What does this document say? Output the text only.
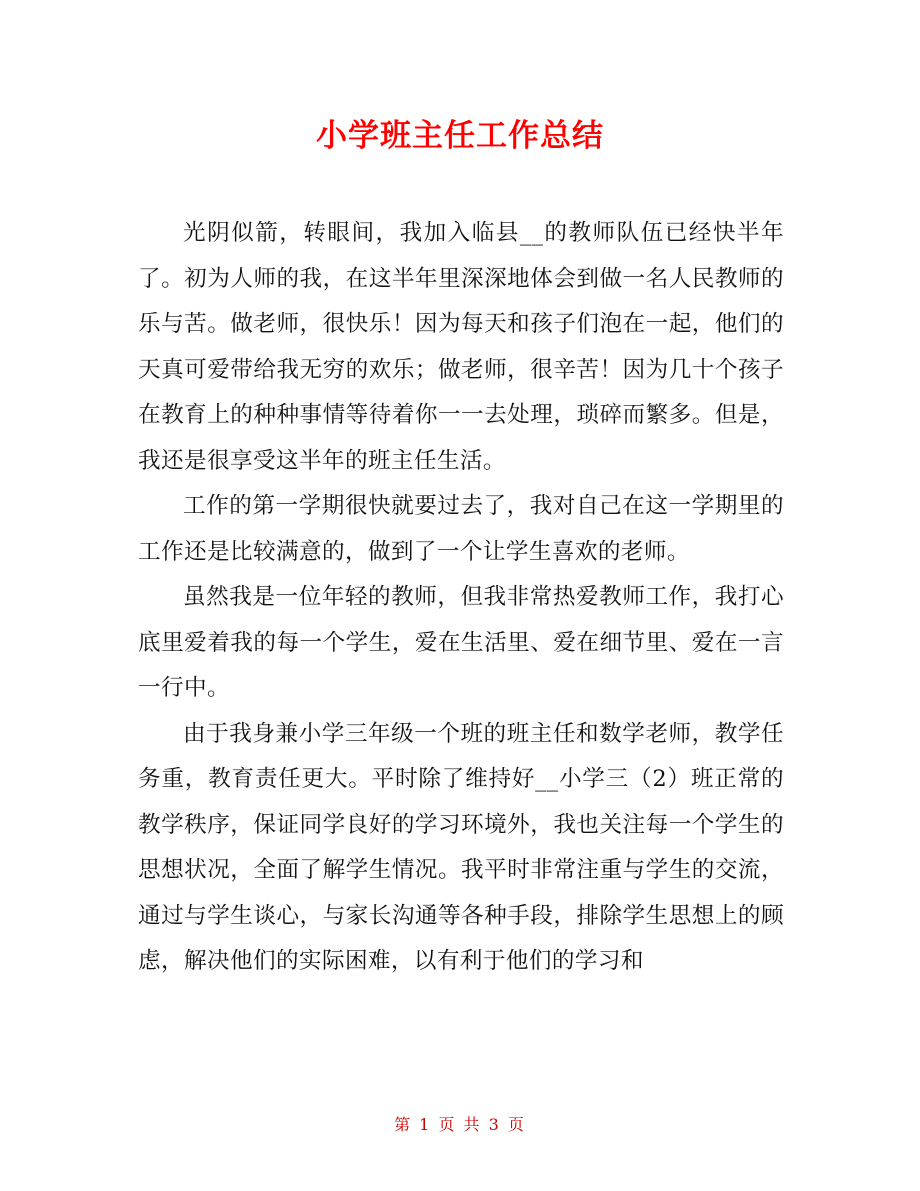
小学班主任工作总结

光阴似箭，转眼间，我加入临县__的教师队伍已经快半年了。初为人师的我，在这半年里深深地体会到做一名人民教师的乐与苦。做老师，很快乐！因为每天和孩子们泡在一起，他们的天真可爱带给我无穷的欢乐；做老师，很辛苦！因为几十个孩子在教育上的种种事情等待着你一一去处理，琐碎而繁多。但是，我还是很享受这半年的班主任生活。

工作的第一学期很快就要过去了，我对自己在这一学期里的工作还是比较满意的，做到了一个让学生喜欢的老师。

虽然我是一位年轻的教师，但我非常热爱教师工作，我打心底里爱着我的每一个学生，爱在生活里、爱在细节里、爱在一言一行中。

由于我身兼小学三年级一个班的班主任和数学老师，教学任务重，教育责任更大。平时除了维持好__小学三（2）班正常的教学秩序，保证同学良好的学习环境外，我也关注每一个学生的思想状况，全面了解学生情况。我平时非常注重与学生的交流，通过与学生谈心，与家长沟通等各种手段，排除学生思想上的顾虑，解决他们的实际困难，以有利于他们的学习和

第 1 页 共 3 页
